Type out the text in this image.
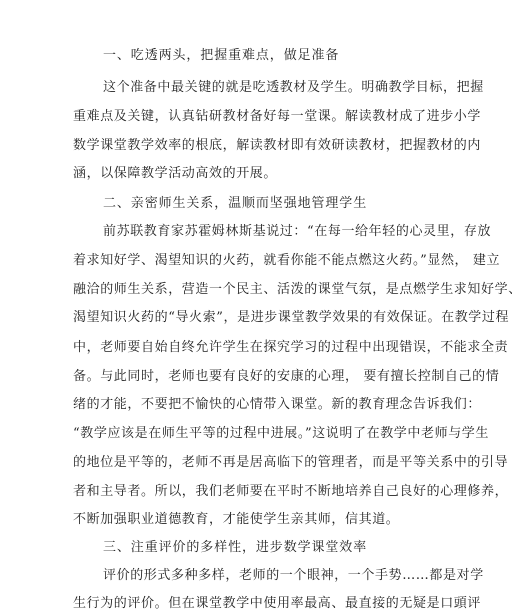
一、吃透两头，把握重难点，做足准备
这个准备中最关键的就是吃透教材及学生。明确教学目标，把握
重难点及关键，认真钻研教材备好每一堂课。解读教材成了进步小学
数学课堂教学效率的根底，解读教材即有效研读教材，把握教材的内
涵，以保障教学活动高效的开展。
二、亲密师生关系，温顺而坚强地管理学生
前苏联教育家苏霍姆林斯基说过：“在每一给年轻的心灵里，存放
着求知好学、渴望知识的火药，就看你能不能点燃这火药。”显然， 建立
融洽的师生关系，营造一个民主、活泼的课堂气氛，是点燃学生求知好学、
渴望知识火药的“导火索”，是进步课堂教学效果的有效保证。在教学过程
中，老师要自始自终允许学生在探究学习的过程中出现错误，不能求全责
备。与此同时，老师也要有良好的安康的心理， 要有擅长控制自己的情
绪的才能，不要把不愉快的心情带入课堂。新的教育理念告诉我们：
“教学应该是在师生平等的过程中进展。”这说明了在教学中老师与学生
的地位是平等的，老师不再是居高临下的管理者，而是平等关系中的引导
者和主导者。所以，我们老师要在平时不断地培养自己良好的心理修养，
不断加强职业道德教育，才能使学生亲其师，信其道。
三、注重评价的多样性，进步数学课堂效率
评价的形式多种多样，老师的一个眼神，一个手势……都是对学
生行为的评价。但在课堂教学中使用率最高、最直接的无疑是口頭评
